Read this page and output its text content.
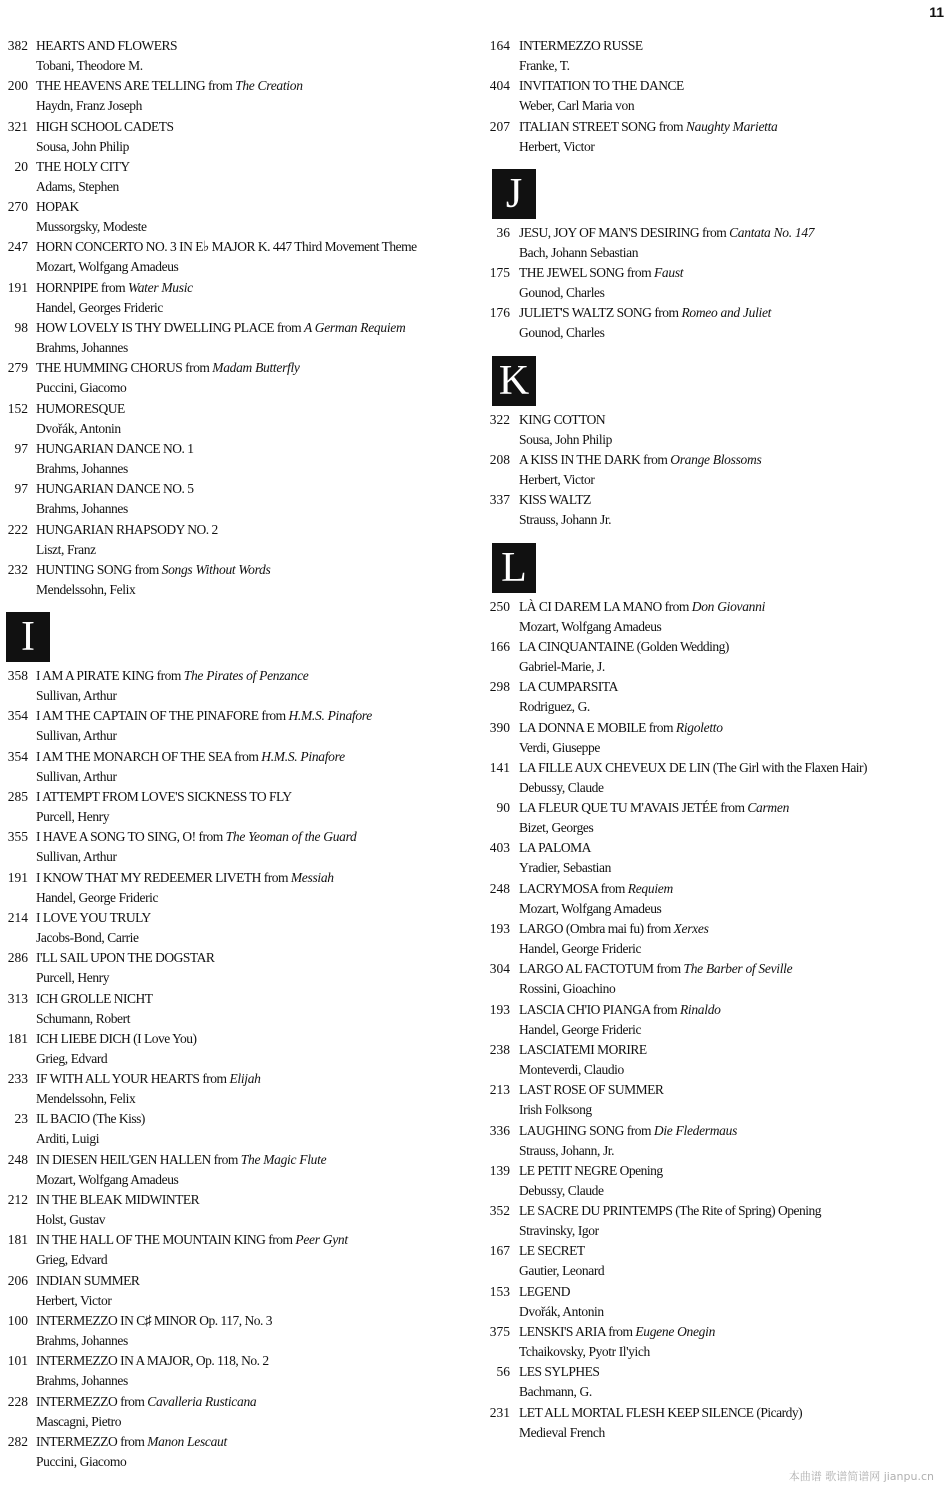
11
382 HEARTS AND FLOWERS
Tobani, Theodore M.
200 THE HEAVENS ARE TELLING from The Creation
Haydn, Franz Joseph
321 HIGH SCHOOL CADETS
Sousa, John Philip
20 THE HOLY CITY
Adams, Stephen
270 HOPAK
Mussorgsky, Modeste
247 HORN CONCERTO NO. 3 IN E♭ MAJOR K. 447 Third Movement Theme
Mozart, Wolfgang Amadeus
191 HORNPIPE from Water Music
Handel, Georges Frideric
98 HOW LOVELY IS THY DWELLING PLACE from A German Requiem
Brahms, Johannes
279 THE HUMMING CHORUS from Madam Butterfly
Puccini, Giacomo
152 HUMORESQUE
Dvořák, Antonin
97 HUNGARIAN DANCE NO. 1
Brahms, Johannes
97 HUNGARIAN DANCE NO. 5
Brahms, Johannes
222 HUNGARIAN RHAPSODY NO. 2
Liszt, Franz
232 HUNTING SONG from Songs Without Words
Mendelssohn, Felix
I
358 I AM A PIRATE KING from The Pirates of Penzance
Sullivan, Arthur
354 I AM THE CAPTAIN OF THE PINAFORE from H.M.S. Pinafore
Sullivan, Arthur
354 I AM THE MONARCH OF THE SEA from H.M.S. Pinafore
Sullivan, Arthur
285 I ATTEMPT FROM LOVE'S SICKNESS TO FLY
Purcell, Henry
355 I HAVE A SONG TO SING, O! from The Yeoman of the Guard
Sullivan, Arthur
191 I KNOW THAT MY REDEEMER LIVETH from Messiah
Handel, George Frideric
214 I LOVE YOU TRULY
Jacobs-Bond, Carrie
286 I'LL SAIL UPON THE DOGSTAR
Purcell, Henry
313 ICH GROLLE NICHT
Schumann, Robert
181 ICH LIEBE DICH (I Love You)
Grieg, Edvard
233 IF WITH ALL YOUR HEARTS from Elijah
Mendelssohn, Felix
23 IL BACIO (The Kiss)
Arditi, Luigi
248 IN DIESEN HEIL'GEN HALLEN from The Magic Flute
Mozart, Wolfgang Amadeus
212 IN THE BLEAK MIDWINTER
Holst, Gustav
181 IN THE HALL OF THE MOUNTAIN KING from Peer Gynt
Grieg, Edvard
206 INDIAN SUMMER
Herbert, Victor
100 INTERMEZZO IN C♯ MINOR Op. 117, No. 3
Brahms, Johannes
101 INTERMEZZO IN A MAJOR, Op. 118, No. 2
Brahms, Johannes
228 INTERMEZZO from Cavalleria Rusticana
Mascagni, Pietro
282 INTERMEZZO from Manon Lescaut
Puccini, Giacomo
164 INTERMEZZO RUSSE
Franke, T.
404 INVITATION TO THE DANCE
Weber, Carl Maria von
207 ITALIAN STREET SONG from Naughty Marietta
Herbert, Victor
J
36 JESU, JOY OF MAN'S DESIRING from Cantata No. 147
Bach, Johann Sebastian
175 THE JEWEL SONG from Faust
Gounod, Charles
176 JULIET'S WALTZ SONG from Romeo and Juliet
Gounod, Charles
K
322 KING COTTON
Sousa, John Philip
208 A KISS IN THE DARK from Orange Blossoms
Herbert, Victor
337 KISS WALTZ
Strauss, Johann Jr.
L
250 LÀ CI DAREM LA MANO from Don Giovanni
Mozart, Wolfgang Amadeus
166 LA CINQUANTAINE (Golden Wedding)
Gabriel-Marie, J.
298 LA CUMPARSITA
Rodriguez, G.
390 LA DONNA E MOBILE from Rigoletto
Verdi, Giuseppe
141 LA FILLE AUX CHEVEUX DE LIN (The Girl with the Flaxen Hair)
Debussy, Claude
90 LA FLEUR QUE TU M'AVAIS JETÉE from Carmen
Bizet, Georges
403 LA PALOMA
Yradier, Sebastian
248 LACRYMOSA from Requiem
Mozart, Wolfgang Amadeus
193 LARGO (Ombra mai fu) from Xerxes
Handel, George Frideric
304 LARGO AL FACTOTUM from The Barber of Seville
Rossini, Gioachino
193 LASCIA CH'IO PIANGA from Rinaldo
Handel, George Frideric
238 LASCIATEMI MORIRE
Monteverdi, Claudio
213 LAST ROSE OF SUMMER
Irish Folksong
336 LAUGHING SONG from Die Fledermaus
Strauss, Johann, Jr.
139 LE PETIT NEGRE Opening
Debussy, Claude
352 LE SACRE DU PRINTEMPS (The Rite of Spring) Opening
Stravinsky, Igor
167 LE SECRET
Gautier, Leonard
153 LEGEND
Dvořák, Antonin
375 LENSKI'S ARIA from Eugene Onegin
Tchaikovsky, Pyotr Il'yich
56 LES SYLPHES
Bachmann, G.
231 LET ALL MORTAL FLESH KEEP SILENCE (Picardy)
Medieval French
本曲谱 歌谱简谱网 jianpu.cn
